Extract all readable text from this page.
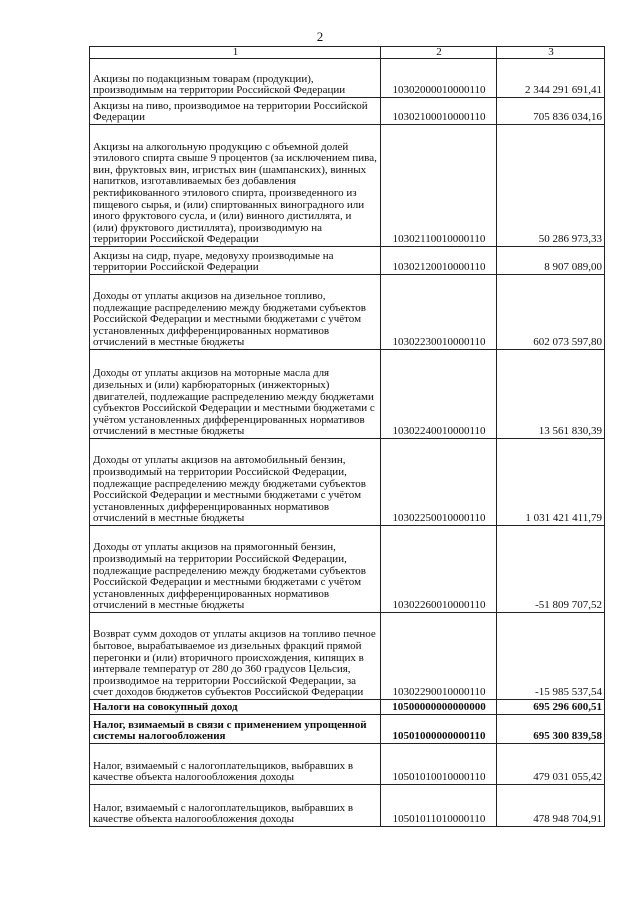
2
1	2	3
Акцизы по подакцизным товарам (продукции), производимым на территории Российской Федерации	10302000010000110	2 344 291 691,41
Акцизы на пиво, производимое на территории Российской Федерации	10302100010000110	705 836 034,16
Акцизы на алкогольную продукцию с объемной долей этилового спирта свыше 9 процентов (за исключением пива, вин, фруктовых вин, игристых вин (шампанских), винных напитков, изготавливаемых без добавления ректификованного этилового спирта, произведенного из пищевого сырья, и (или) спиртованных виноградного или иного фруктового сусла, и (или) винного дистиллята, и (или) фруктового дистиллята), производимую на территории Российской Федерации	10302110010000110	50 286 973,33
Акцизы на сидр, пуаре, медовуху производимые на территории Российской Федерации	10302120010000110	8 907 089,00
Доходы от уплаты акцизов на дизельное топливо, подлежащие распределению между бюджетами субъектов Российской Федерации и местными бюджетами с учётом установленных дифференцированных нормативов отчислений в местные бюджеты	10302230010000110	602 073 597,80
Доходы от уплаты акцизов на моторные масла для дизельных и (или) карбюраторных (инжекторных) двигателей, подлежащие распределению между бюджетами субъектов Российской Федерации и местными бюджетами с учётом установленных дифференцированных нормативов отчислений в местные бюджеты	10302240010000110	13 561 830,39
Доходы от уплаты акцизов на автомобильный бензин, производимый на территории Российской Федерации, подлежащие распределению между бюджетами субъектов Российской Федерации и местными бюджетами с учётом установленных дифференцированных нормативов отчислений в местные бюджеты	10302250010000110	1 031 421 411,79
Доходы от уплаты акцизов на прямогонный бензин, производимый на территории Российской Федерации, подлежащие распределению между бюджетами субъектов Российской Федерации и местными бюджетами с учётом установленных дифференцированных нормативов отчислений в местные бюджеты	10302260010000110	-51 809 707,52
Возврат сумм доходов от уплаты акцизов на топливо печное бытовое, вырабатываемое из дизельных фракций прямой перегонки и (или) вторичного происхождения, кипящих в интервале температур от 280 до 360 градусов Цельсия, производимое на территории Российской Федерации, за счет доходов бюджетов субъектов Российской Федерации	10302290010000110	-15 985 537,54
Налоги на совокупный доход	10500000000000000	695 296 600,51
Налог, взимаемый в связи с применением упрощенной системы налогообложения	10501000000000110	695 300 839,58
Налог, взимаемый с налогоплательщиков, выбравших в качестве объекта налогообложения доходы	10501010010000110	479 031 055,42
Налог, взимаемый с налогоплательщиков, выбравших в качестве объекта налогообложения доходы	10501011010000110	478 948 704,91
